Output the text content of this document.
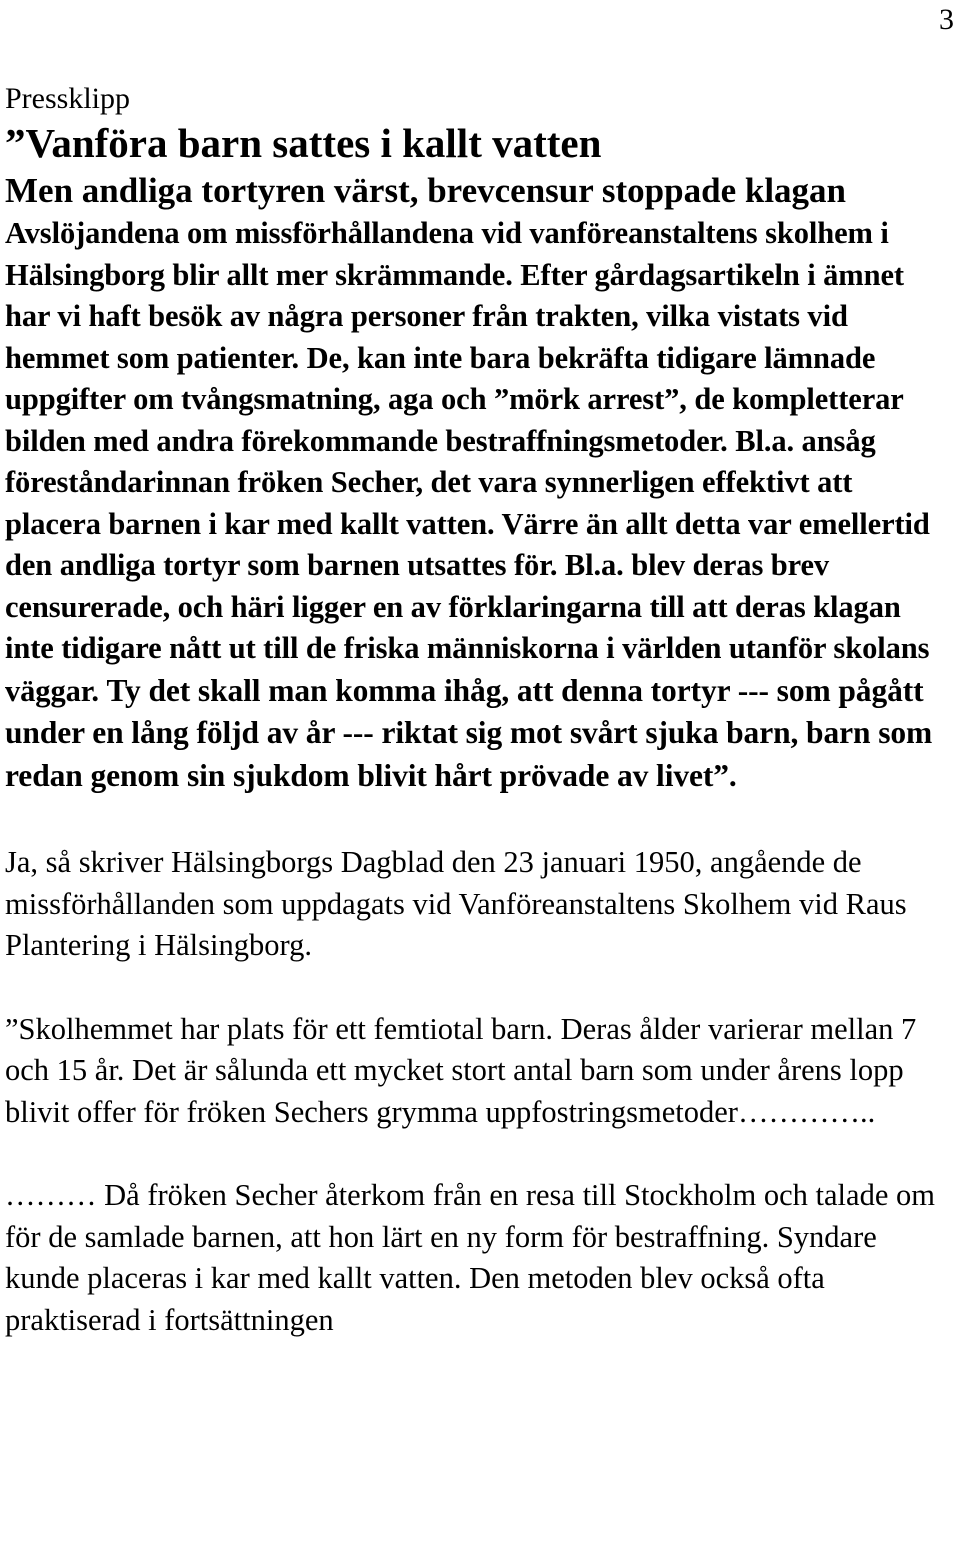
3

Pressklipp

”Vanföra barn sattes i kallt vatten
Men andliga tortyren värst, brevcensur stoppade klagan
Avslöjandena om missförhållandena vid vanföreanstaltens skolhem i Hälsingborg blir allt mer skrämmande. Efter gårdagsartikeln i ämnet har vi haft besök av några personer från trakten, vilka vistats vid hemmet som patienter. De, kan inte bara bekräfta tidigare lämnade uppgifter om tvångsmatning, aga och ”mörk arrest”, de kompletterar bilden med andra förekommande bestraffningsmetoder. Bl.a. ansåg föreståndarinnan fröken Secher, det vara synnerligen effektivt att placera barnen i kar med kallt vatten. Värre än allt detta var emellertid den andliga tortyr som barnen utsattes för. Bl.a. blev deras brev censurerade, och häri ligger en av förklaringarna till att deras klagan inte tidigare nått ut till de friska människorna i världen utanför skolans väggar. Ty det skall man komma ihåg, att denna tortyr --- som pågått under en lång följd av år --- riktat sig mot svårt sjuka barn, barn som redan genom sin sjukdom blivit hårt prövade av livet”.

Ja, så skriver Hälsingborgs Dagblad den 23 januari 1950, angående de missförhållanden som uppdagats vid Vanföreanstaltens Skolhem vid Raus Plantering i Hälsingborg.

”Skolhemmet har plats för ett femtiotal barn. Deras ålder varierar mellan 7 och 15 år. Det är sålunda ett mycket stort antal barn som under årens lopp blivit offer för fröken Sechers grymma uppfostringsmetoder…………..

……… Då fröken Secher återkom från en resa till Stockholm och talade om för de samlade barnen, att hon lärt en ny form för bestraffning. Syndare kunde placeras i kar med kallt vatten. Den metoden blev också ofta praktiserad i fortsättningen
